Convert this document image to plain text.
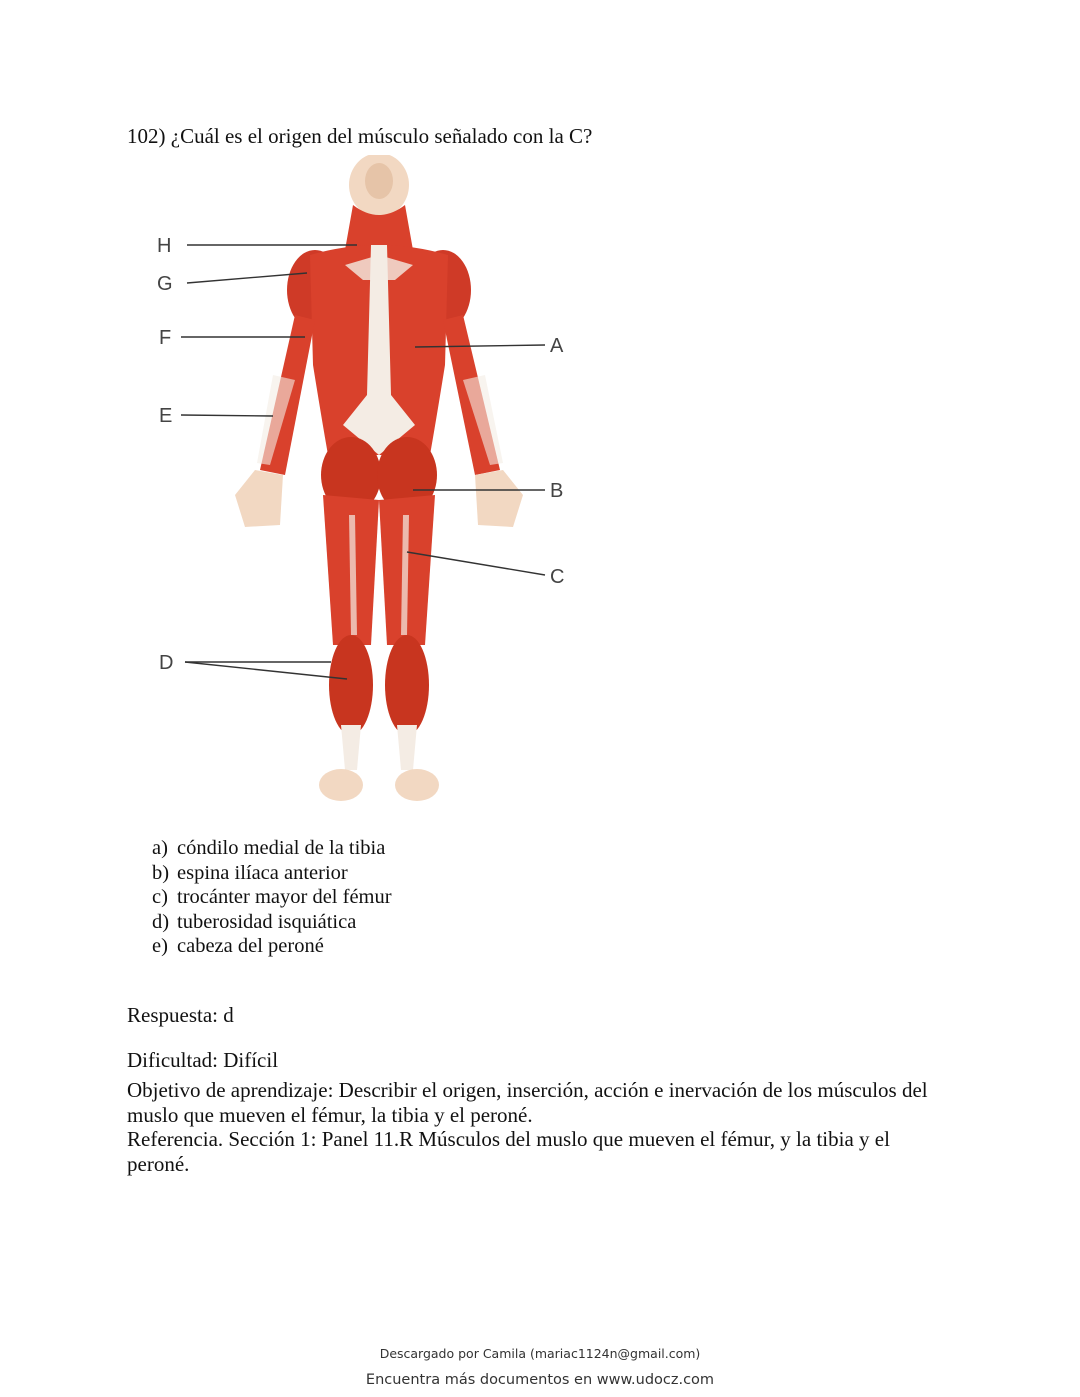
102) ¿Cuál es el origen del músculo señalado con la C?
H
G
F
E
D
A
B
C
a) cóndilo medial de la tibia
b) espina ilíaca anterior
c) trocánter mayor del fémur
d) tuberosidad isquiática
e) cabeza del peroné
Respuesta: d
Dificultad: Difícil
Objetivo de aprendizaje: Describir el origen, inserción, acción e inervación de los músculos del muslo que mueven el fémur, la tibia y el peroné.
Referencia. Sección 1: Panel 11.R Músculos del muslo que mueven el fémur, y la tibia y el peroné.
Descargado por Camila (mariac1124n@gmail.com)
Encuentra más documentos en www.udocz.com
